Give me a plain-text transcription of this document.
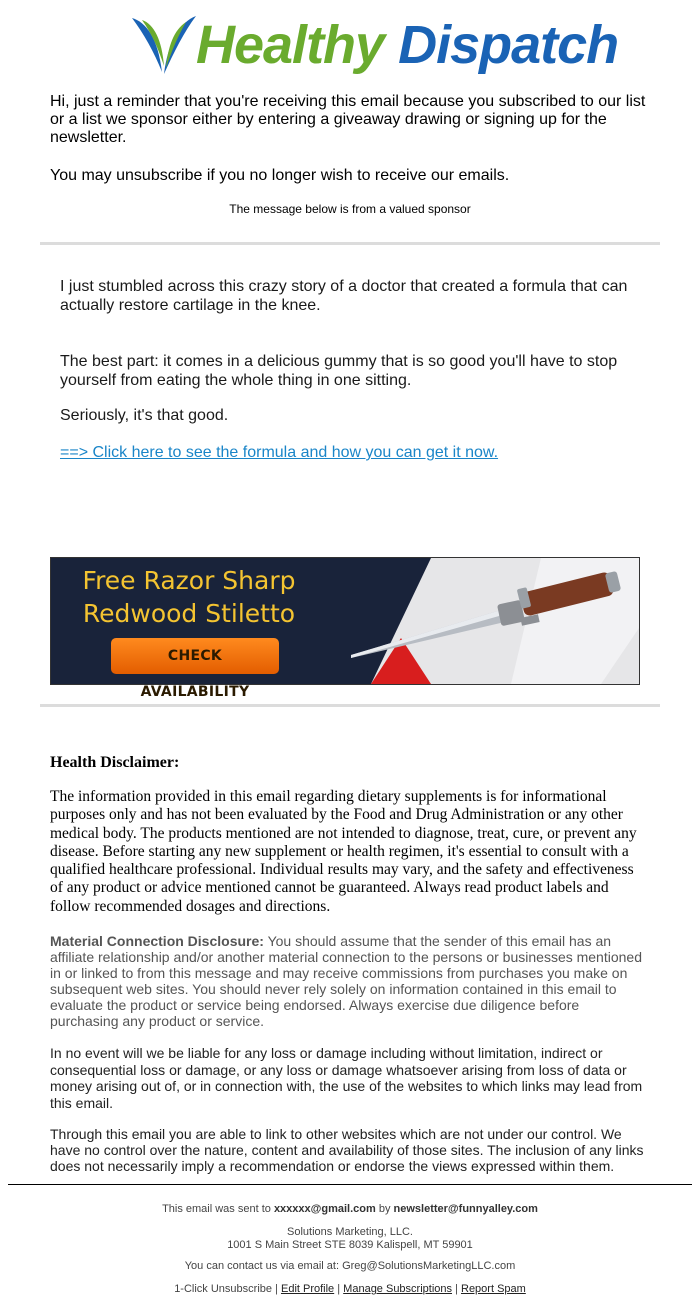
Healthy Dispatch
Hi, just a reminder that you're receiving this email because you subscribed to our list or a list we sponsor either by entering a giveaway drawing or signing up for the newsletter.
You may unsubscribe if you no longer wish to receive our emails.
The message below is from a valued sponsor
I just stumbled across this crazy story of a doctor that created a formula that can actually restore cartilage in the knee.
The best part: it comes in a delicious gummy that is so good you'll have to stop yourself from eating the whole thing in one sitting.
Seriously, it's that good.
==> Click here to see the formula and how you can get it now.
Free Razor Sharp
Redwood Stiletto
CHECK AVAILABILITY
Health Disclaimer:
The information provided in this email regarding dietary supplements is for informational purposes only and has not been evaluated by the Food and Drug Administration or any other medical body. The products mentioned are not intended to diagnose, treat, cure, or prevent any disease. Before starting any new supplement or health regimen, it's essential to consult with a qualified healthcare professional. Individual results may vary, and the safety and effectiveness of any product or advice mentioned cannot be guaranteed. Always read product labels and follow recommended dosages and directions.
Material Connection Disclosure: You should assume that the sender of this email has an affiliate relationship and/or another material connection to the persons or businesses mentioned in or linked to from this message and may receive commissions from purchases you make on subsequent web sites. You should never rely solely on information contained in this email to evaluate the product or service being endorsed. Always exercise due diligence before purchasing any product or service.
In no event will we be liable for any loss or damage including without limitation, indirect or consequential loss or damage, or any loss or damage whatsoever arising from loss of data or money arising out of, or in connection with, the use of the websites to which links may lead from this email.
Through this email you are able to link to other websites which are not under our control. We have no control over the nature, content and availability of those sites. The inclusion of any links does not necessarily imply a recommendation or endorse the views expressed within them.
This email was sent to xxxxxx@gmail.com by newsletter@funnyalley.com
Solutions Marketing, LLC.
1001 S Main Street STE 8039 Kalispell, MT 59901
You can contact us via email at: Greg@SolutionsMarketingLLC.com
1-Click Unsubscribe | Edit Profile | Manage Subscriptions | Report Spam
